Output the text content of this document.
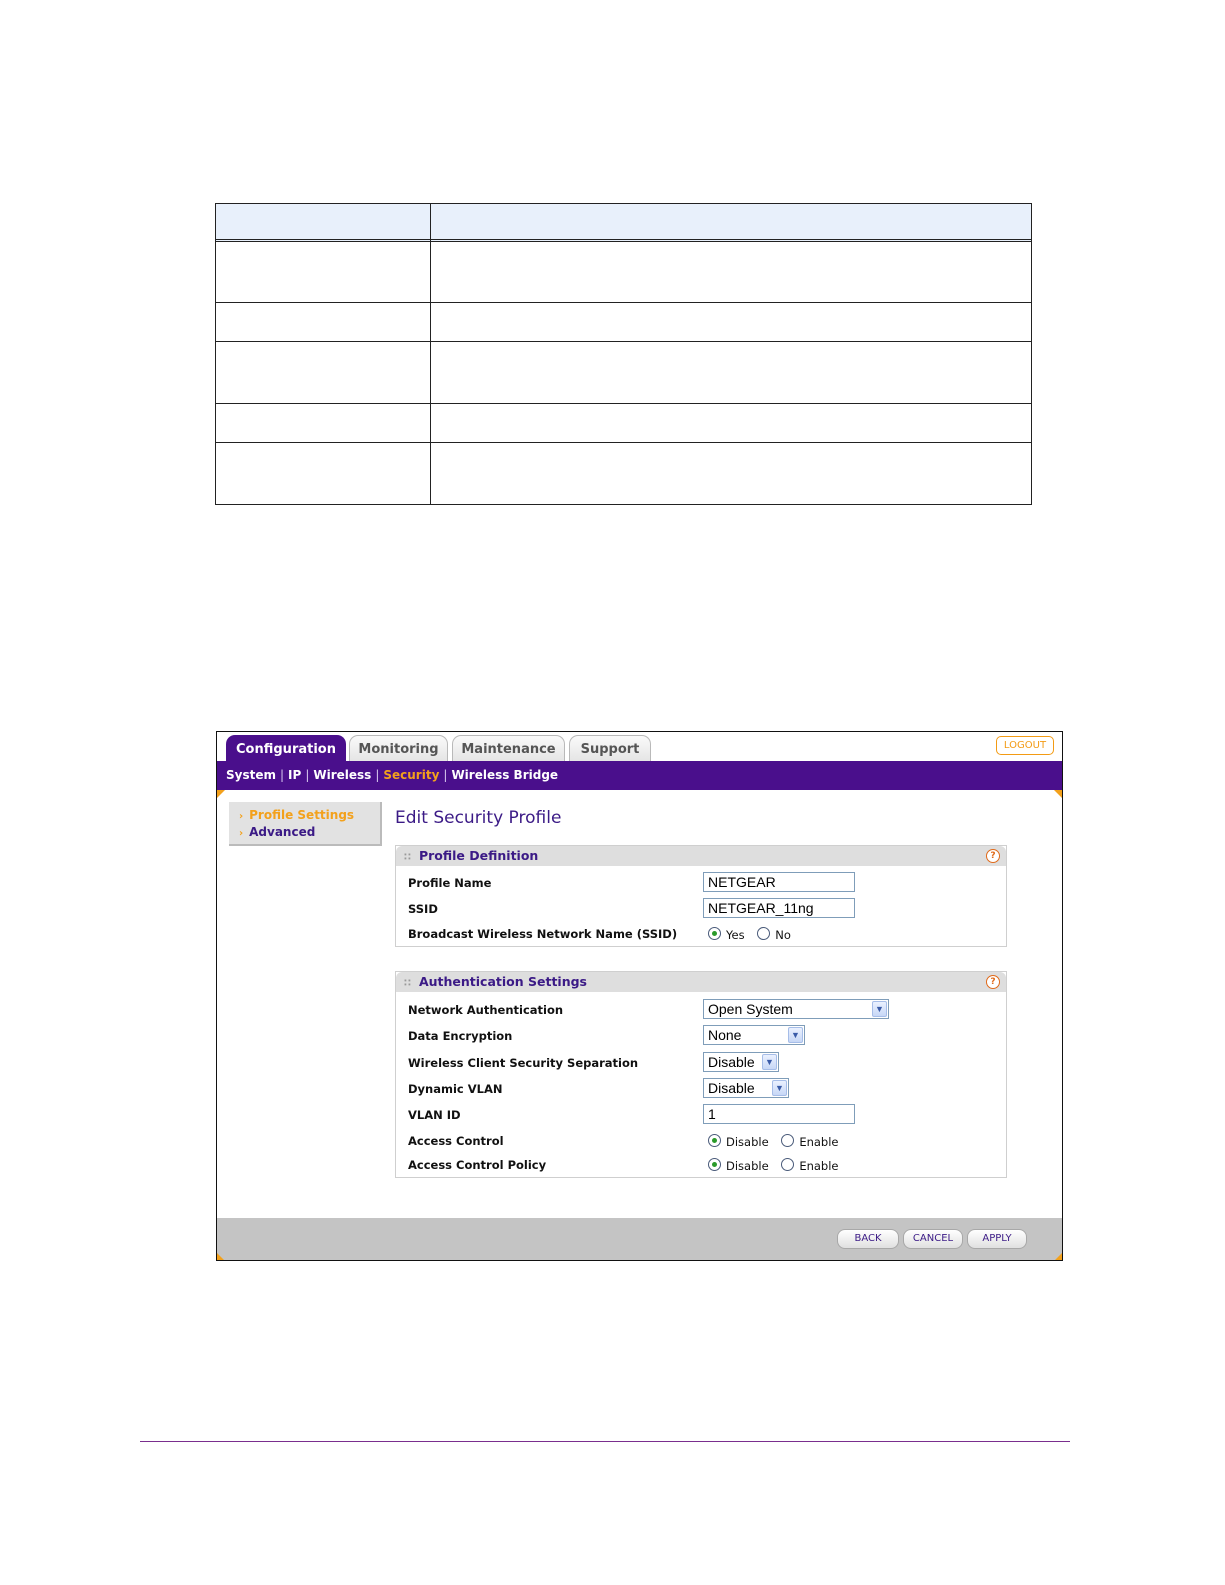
Configuration	Monitoring	Maintenance	Support	LOGOUT
System | IP | Wireless | Security | Wireless Bridge
› Profile Settings
› Advanced
Edit Security Profile
∷ Profile Definition	?
Profile Name	NETGEAR
SSID	NETGEAR_11ng
Broadcast Wireless Network Name (SSID)	Yes	No
∷ Authentication Settings	?
Network Authentication	Open System	▼
Data Encryption	None	▼
Wireless Client Security Separation	Disable	▼
Dynamic VLAN	Disable	▼
VLAN ID	1
Access Control	Disable	Enable
Access Control Policy	Disable	Enable
BACK	CANCEL	APPLY
